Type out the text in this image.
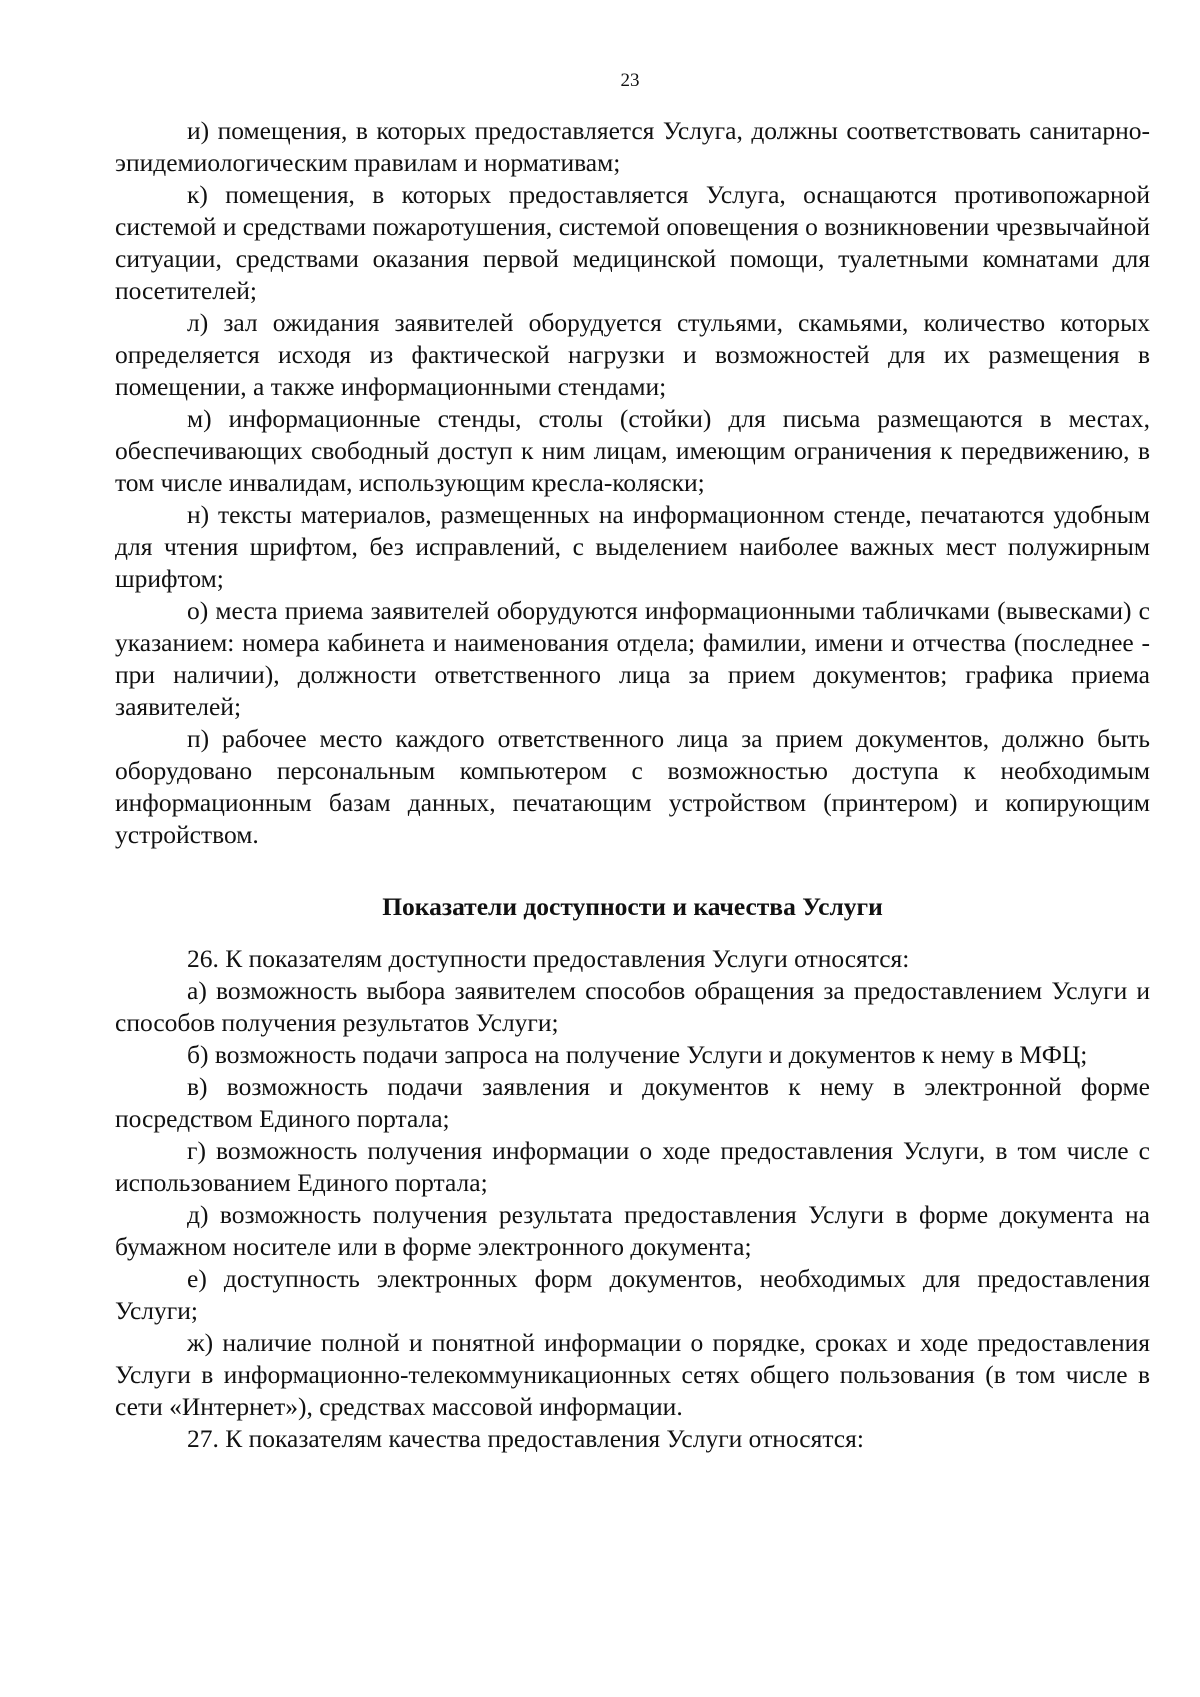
23

и) помещения, в которых предоставляется Услуга, должны соответствовать санитарно-эпидемиологическим правилам и нормативам;

к) помещения, в которых предоставляется Услуга, оснащаются противопожарной системой и средствами пожаротушения, системой оповещения о возникновении чрезвычайной ситуации, средствами оказания первой медицинской помощи, туалетными комнатами для посетителей;

л) зал ожидания заявителей оборудуется стульями, скамьями, количество которых определяется исходя из фактической нагрузки и возможностей для их размещения в помещении, а также информационными стендами;

м) информационные стенды, столы (стойки) для письма размещаются в местах, обеспечивающих свободный доступ к ним лицам, имеющим ограничения к передвижению, в том числе инвалидам, использующим кресла-коляски;

н) тексты материалов, размещенных на информационном стенде, печатаются удобным для чтения шрифтом, без исправлений, с выделением наиболее важных мест полужирным шрифтом;

о) места приема заявителей оборудуются информационными табличками (вывесками) с указанием: номера кабинета и наименования отдела; фамилии, имени и отчества (последнее - при наличии), должности ответственного лица за прием документов; графика приема заявителей;

п) рабочее место каждого ответственного лица за прием документов, должно быть оборудовано персональным компьютером с возможностью доступа к необходимым информационным базам данных, печатающим устройством (принтером) и копирующим устройством.

Показатели доступности и качества Услуги

26. К показателям доступности предоставления Услуги относятся:

а) возможность выбора заявителем способов обращения за предоставлением Услуги и способов получения результатов Услуги;

б) возможность подачи запроса на получение Услуги и документов к нему в МФЦ;

в) возможность подачи заявления и документов к нему в электронной форме посредством Единого портала;

г) возможность получения информации о ходе предоставления Услуги, в том числе с использованием Единого портала;

д) возможность получения результата предоставления Услуги в форме документа на бумажном носителе или в форме электронного документа;

е) доступность электронных форм документов, необходимых для предоставления Услуги;

ж) наличие полной и понятной информации о порядке, сроках и ходе предоставления Услуги в информационно-телекоммуникационных сетях общего пользования (в том числе в сети «Интернет»), средствах массовой информации.

27. К показателям качества предоставления Услуги относятся:
